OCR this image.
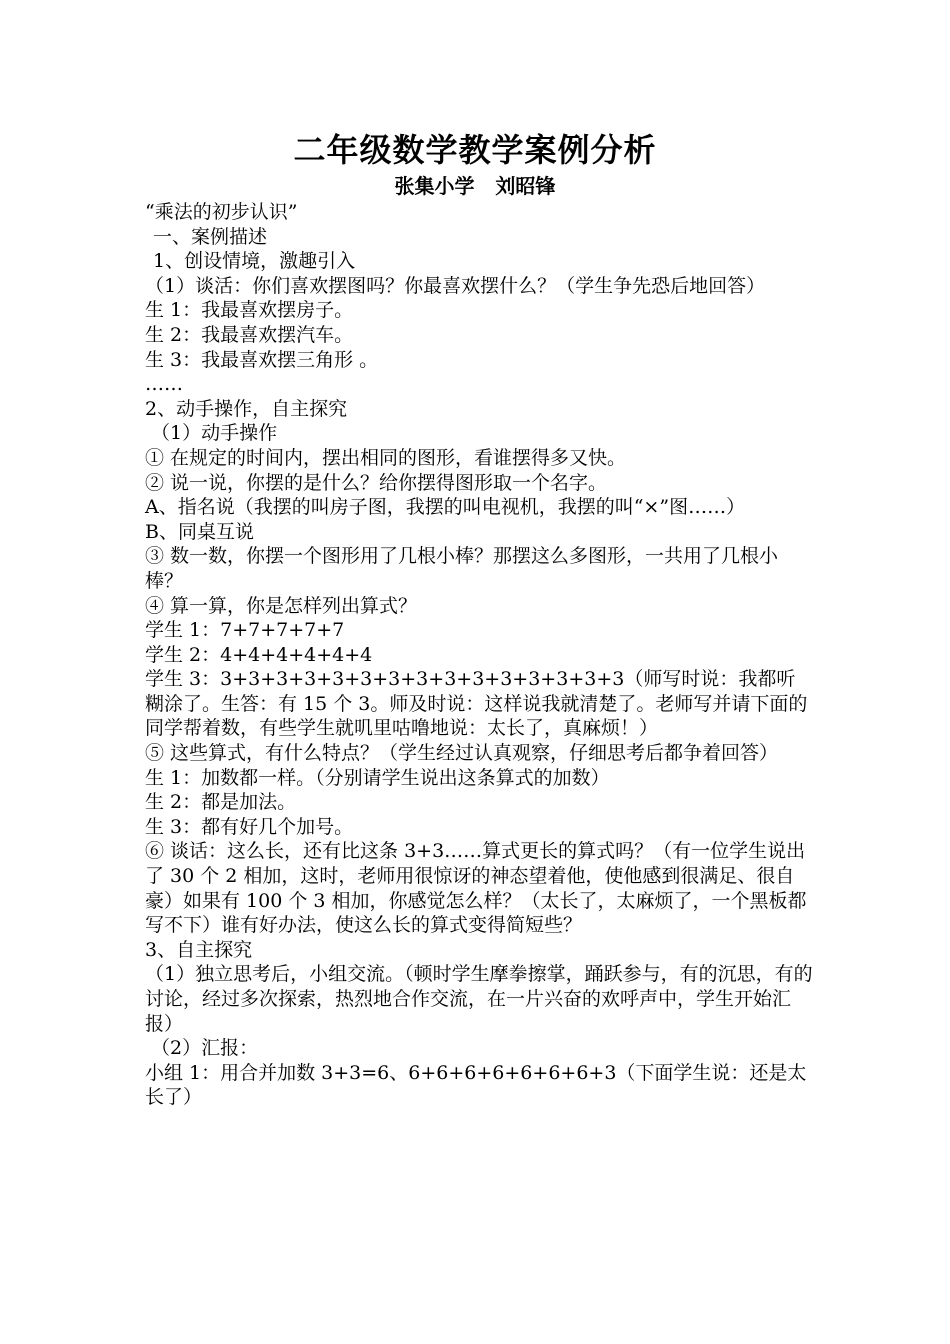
二年级数学教学案例分析
张集小学   刘昭锋

“乘法的初步认识”

一、案例描述

1、创设情境，激趣引入

（1）谈活：你们喜欢摆图吗？你最喜欢摆什么？（学生争先恐后地回答）

生 1：我最喜欢摆房子。

生 2：我最喜欢摆汽车。

生 3：我最喜欢摆三角形 。

……

2、动手操作，自主探究

（1）动手操作

① 在规定的时间内，摆出相同的图形，看谁摆得多又快。

② 说一说，你摆的是什么？给你摆得图形取一个名字。

A、指名说（我摆的叫房子图，我摆的叫电视机，我摆的叫“×”图……）

B、同桌互说

③ 数一数，你摆一个图形用了几根小棒？那摆这么多图形，一共用了几根小棒？

④ 算一算，你是怎样列出算式？

学生 1：7+7+7+7+7

学生 2：4+4+4+4+4+4

学生 3：3+3+3+3+3+3+3+3+3+3+3+3+3+3+3（师写时说：我都听糊涂了。生答：有 15 个 3。师及时说：这样说我就清楚了。老师写并请下面的同学帮着数，有些学生就叽里咕噜地说：太长了，真麻烦！）

⑤ 这些算式，有什么特点？（学生经过认真观察，仔细思考后都争着回答）

生 1：加数都一样。（分别请学生说出这条算式的加数）

生 2：都是加法。

生 3：都有好几个加号。

⑥ 谈话：这么长，还有比这条 3+3……算式更长的算式吗？（有一位学生说出了 30 个 2 相加，这时，老师用很惊讶的神态望着他，使他感到很满足、很自豪）如果有 100 个 3 相加，你感觉怎么样？（太长了，太麻烦了，一个黑板都写不下）谁有好办法，使这么长的算式变得简短些？

3、自主探究

（1）独立思考后，小组交流。（顿时学生摩拳擦掌，踊跃参与，有的沉思，有的讨论，经过多次探索，热烈地合作交流，在一片兴奋的欢呼声中，学生开始汇报）

（2）汇报：

小组 1：用合并加数 3+3=6、6+6+6+6+6+6+6+3（下面学生说：还是太长了）
